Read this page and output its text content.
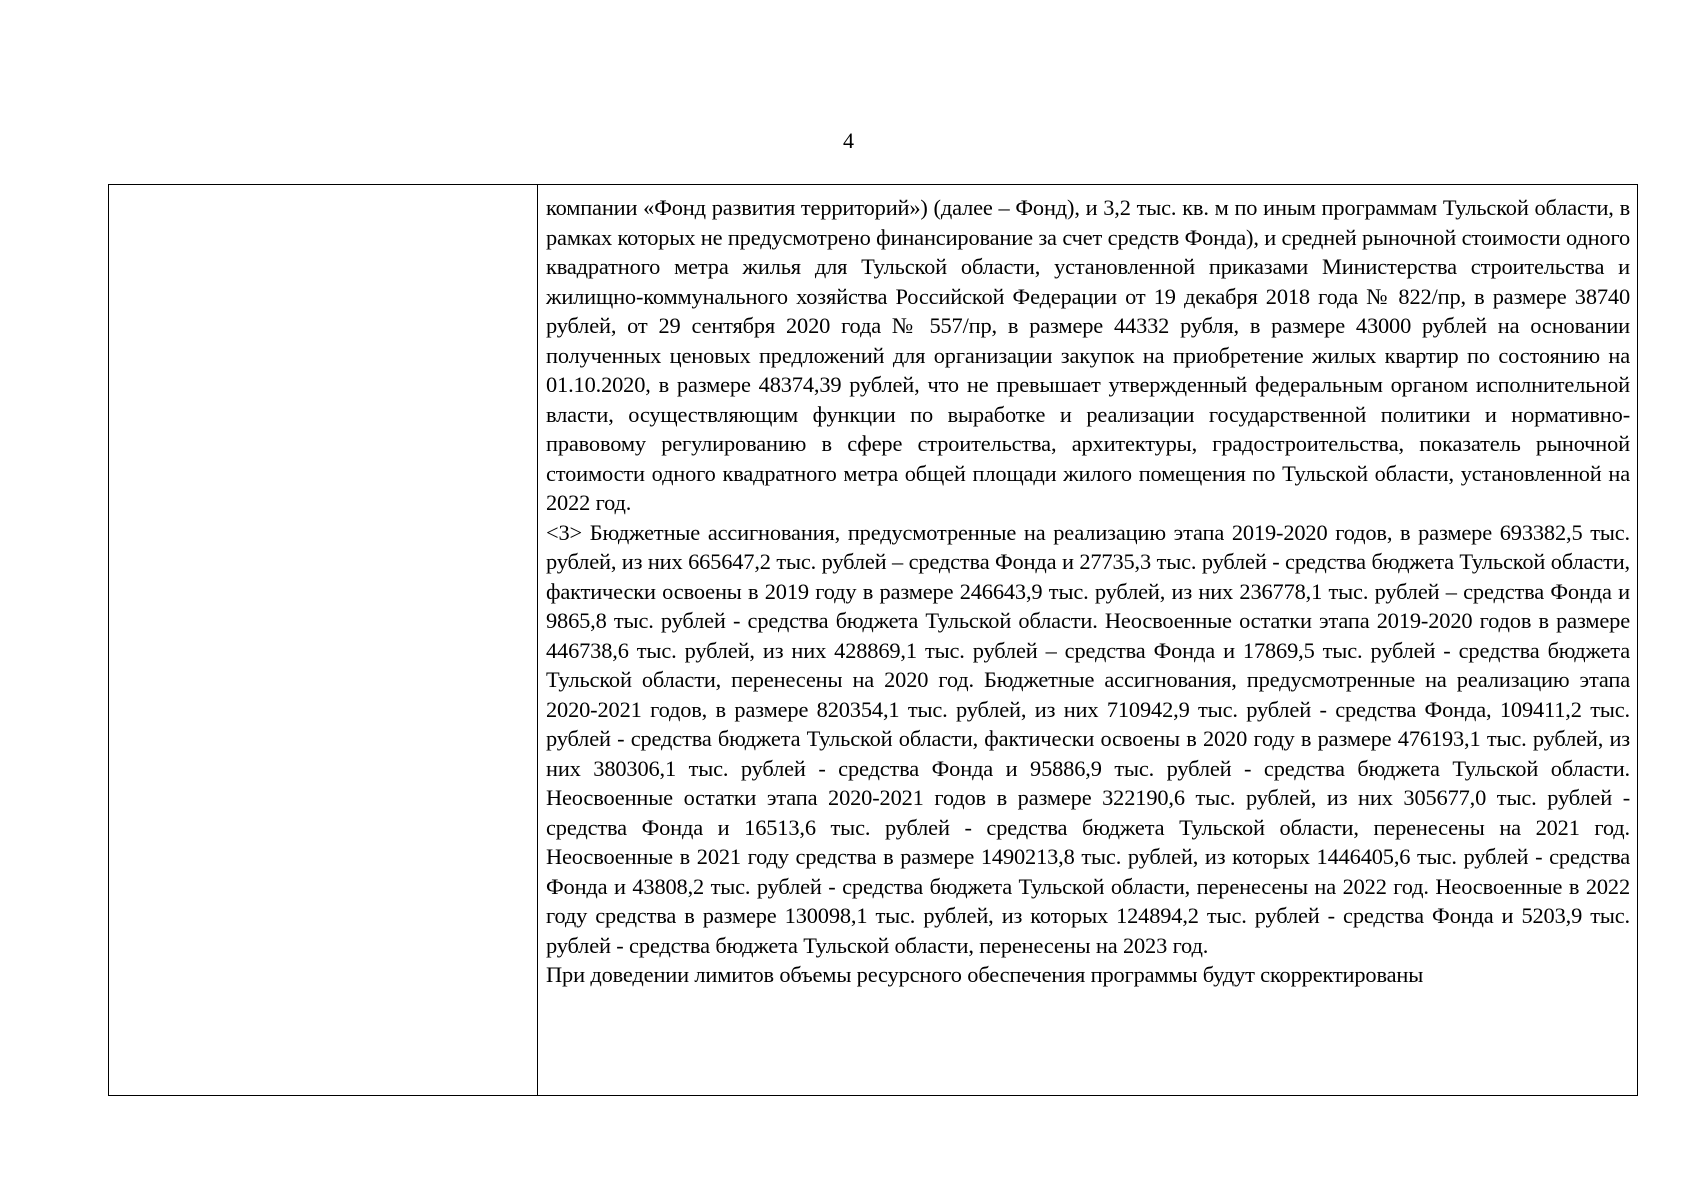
4

компании «Фонд развития территорий») (далее – Фонд), и 3,2 тыс. кв. м по иным программам Тульской области, в рамках которых не предусмотрено финансирование за счет средств Фонда), и средней рыночной стоимости одного квадратного метра жилья для Тульской области, установленной приказами Министерства строительства и жилищно-коммунального хозяйства Российской Федерации от 19 декабря 2018 года № 822/пр, в размере 38740 рублей, от 29 сентября 2020 года № 557/пр, в размере 44332 рубля, в размере 43000 рублей на основании полученных ценовых предложений для организации закупок на приобретение жилых квартир по состоянию на 01.10.2020, в размере 48374,39 рублей, что не превышает утвержденный федеральным органом исполнительной власти, осуществляющим функции по выработке и реализации государственной политики и нормативно-правовому регулированию в сфере строительства, архитектуры, градостроительства, показатель рыночной стоимости одного квадратного метра общей площади жилого помещения по Тульской области, установленной на 2022 год.

<3> Бюджетные ассигнования, предусмотренные на реализацию этапа 2019-2020 годов, в размере 693382,5 тыс. рублей, из них 665647,2 тыс. рублей – средства Фонда и 27735,3 тыс. рублей - средства бюджета Тульской области, фактически освоены в 2019 году в размере 246643,9 тыс. рублей, из них 236778,1 тыс. рублей – средства Фонда и 9865,8 тыс. рублей - средства бюджета Тульской области. Неосвоенные остатки этапа 2019-2020 годов в размере 446738,6 тыс. рублей, из них 428869,1 тыс. рублей – средства Фонда и 17869,5 тыс. рублей - средства бюджета Тульской области, перенесены на 2020 год. Бюджетные ассигнования, предусмотренные на реализацию этапа 2020-2021 годов, в размере 820354,1 тыс. рублей, из них 710942,9 тыс. рублей - средства Фонда, 109411,2 тыс. рублей - средства бюджета Тульской области, фактически освоены в 2020 году в размере 476193,1 тыс. рублей, из них 380306,1 тыс. рублей - средства Фонда и 95886,9 тыс. рублей - средства бюджета Тульской области. Неосвоенные остатки этапа 2020-2021 годов в размере 322190,6 тыс. рублей, из них 305677,0 тыс. рублей - средства Фонда и 16513,6 тыс. рублей - средства бюджета Тульской области, перенесены на 2021 год. Неосвоенные в 2021 году средства в размере 1490213,8 тыс. рублей, из которых 1446405,6 тыс. рублей - средства Фонда и 43808,2 тыс. рублей - средства бюджета Тульской области, перенесены на 2022 год. Неосвоенные в 2022 году средства в размере 130098,1 тыс. рублей, из которых 124894,2 тыс. рублей - средства Фонда и 5203,9 тыс. рублей - средства бюджета Тульской области, перенесены на 2023 год.

При доведении лимитов объемы ресурсного обеспечения программы будут скорректированы
